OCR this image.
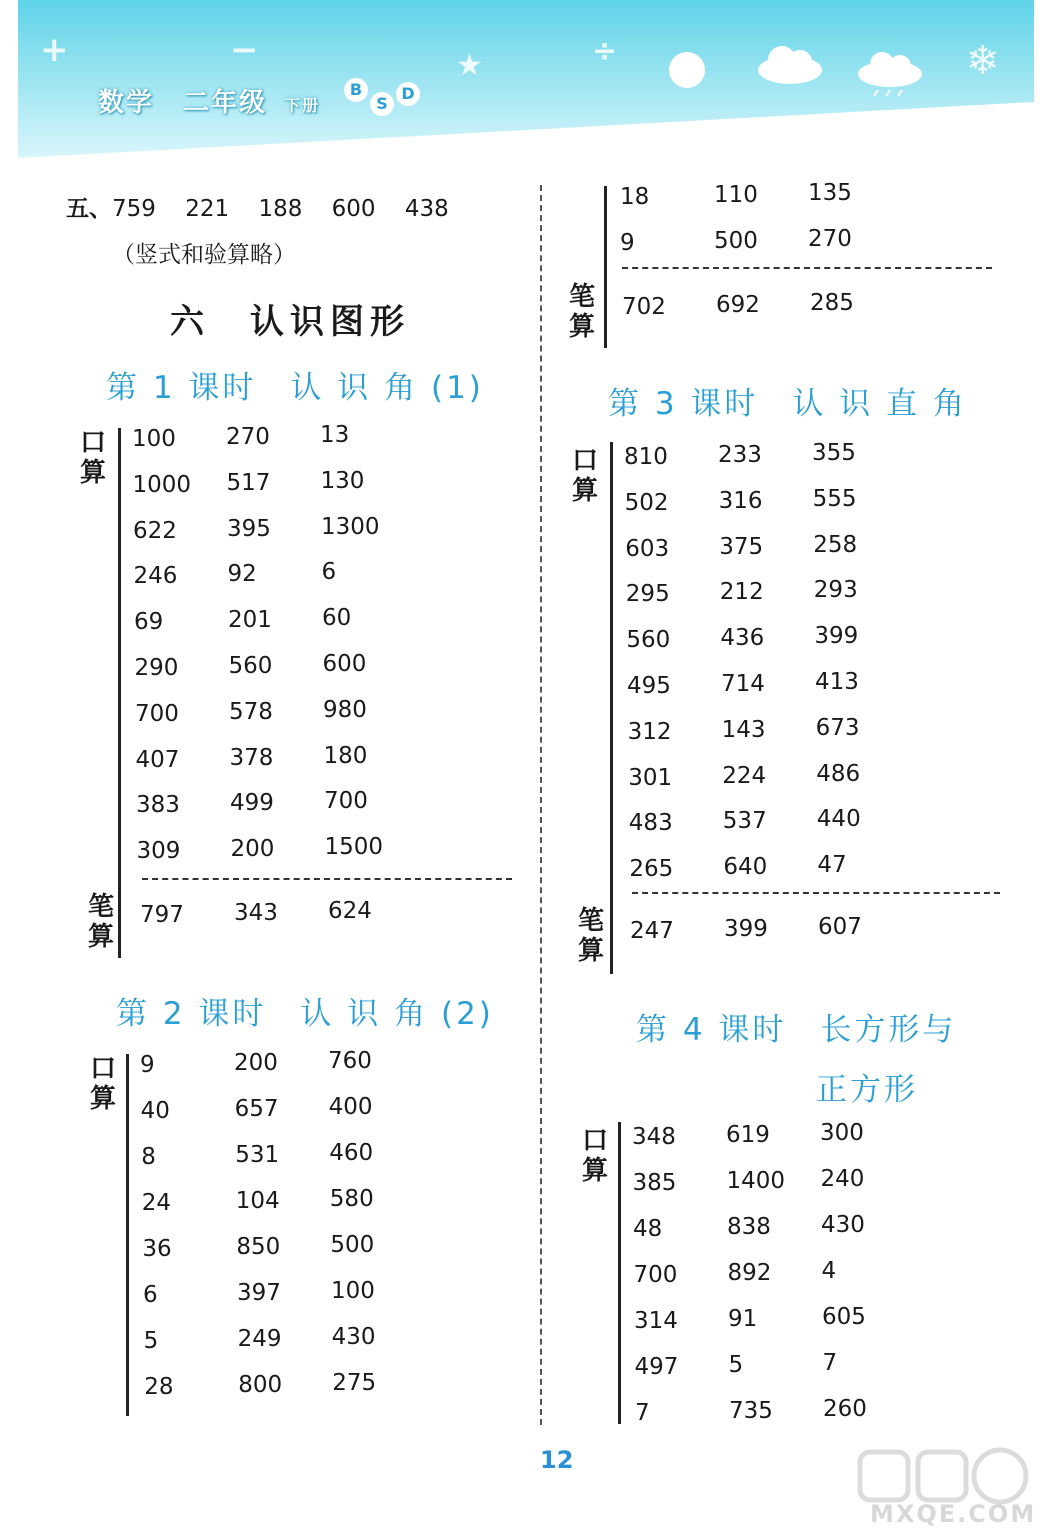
+	−	★	÷	❄
数学 二年级 下册
B
S
D
五、759 221 188 600 438
（竖式和验算略）
六　认识图形
第 1 课时　认 识 角 (1)
口
算
100 270 13
1000 517 130
622 395 1300
246 92	6
69	201 60
290 560 600
700 578 980
407 378 180
383 499 700
309 200 1500
笔
算
797 343 624
第 2 课时　认 识 角 (2)
口
算
9	200 760
40	657 400
8	531 460
24	104 580
36	850 500
6	397 100
5	249 430
28	800 275
18	110 135
9	500 270
笔
算
702 692 285
第 3 课时　认 识 直 角
口
算
810 233 355
502 316 555
603 375 258
295 212 293
560 436 399
495 714 413
312 143 673
301 224 486
483 537 440
265 640 47
笔
算
247 399 607
第 4 课时　长方形与
正方形
口
算
348 619 300
385 1400 240
48	838 430
700 892 4
314 91	605
497 5	7
7	735 260
12
MXQE.COM
